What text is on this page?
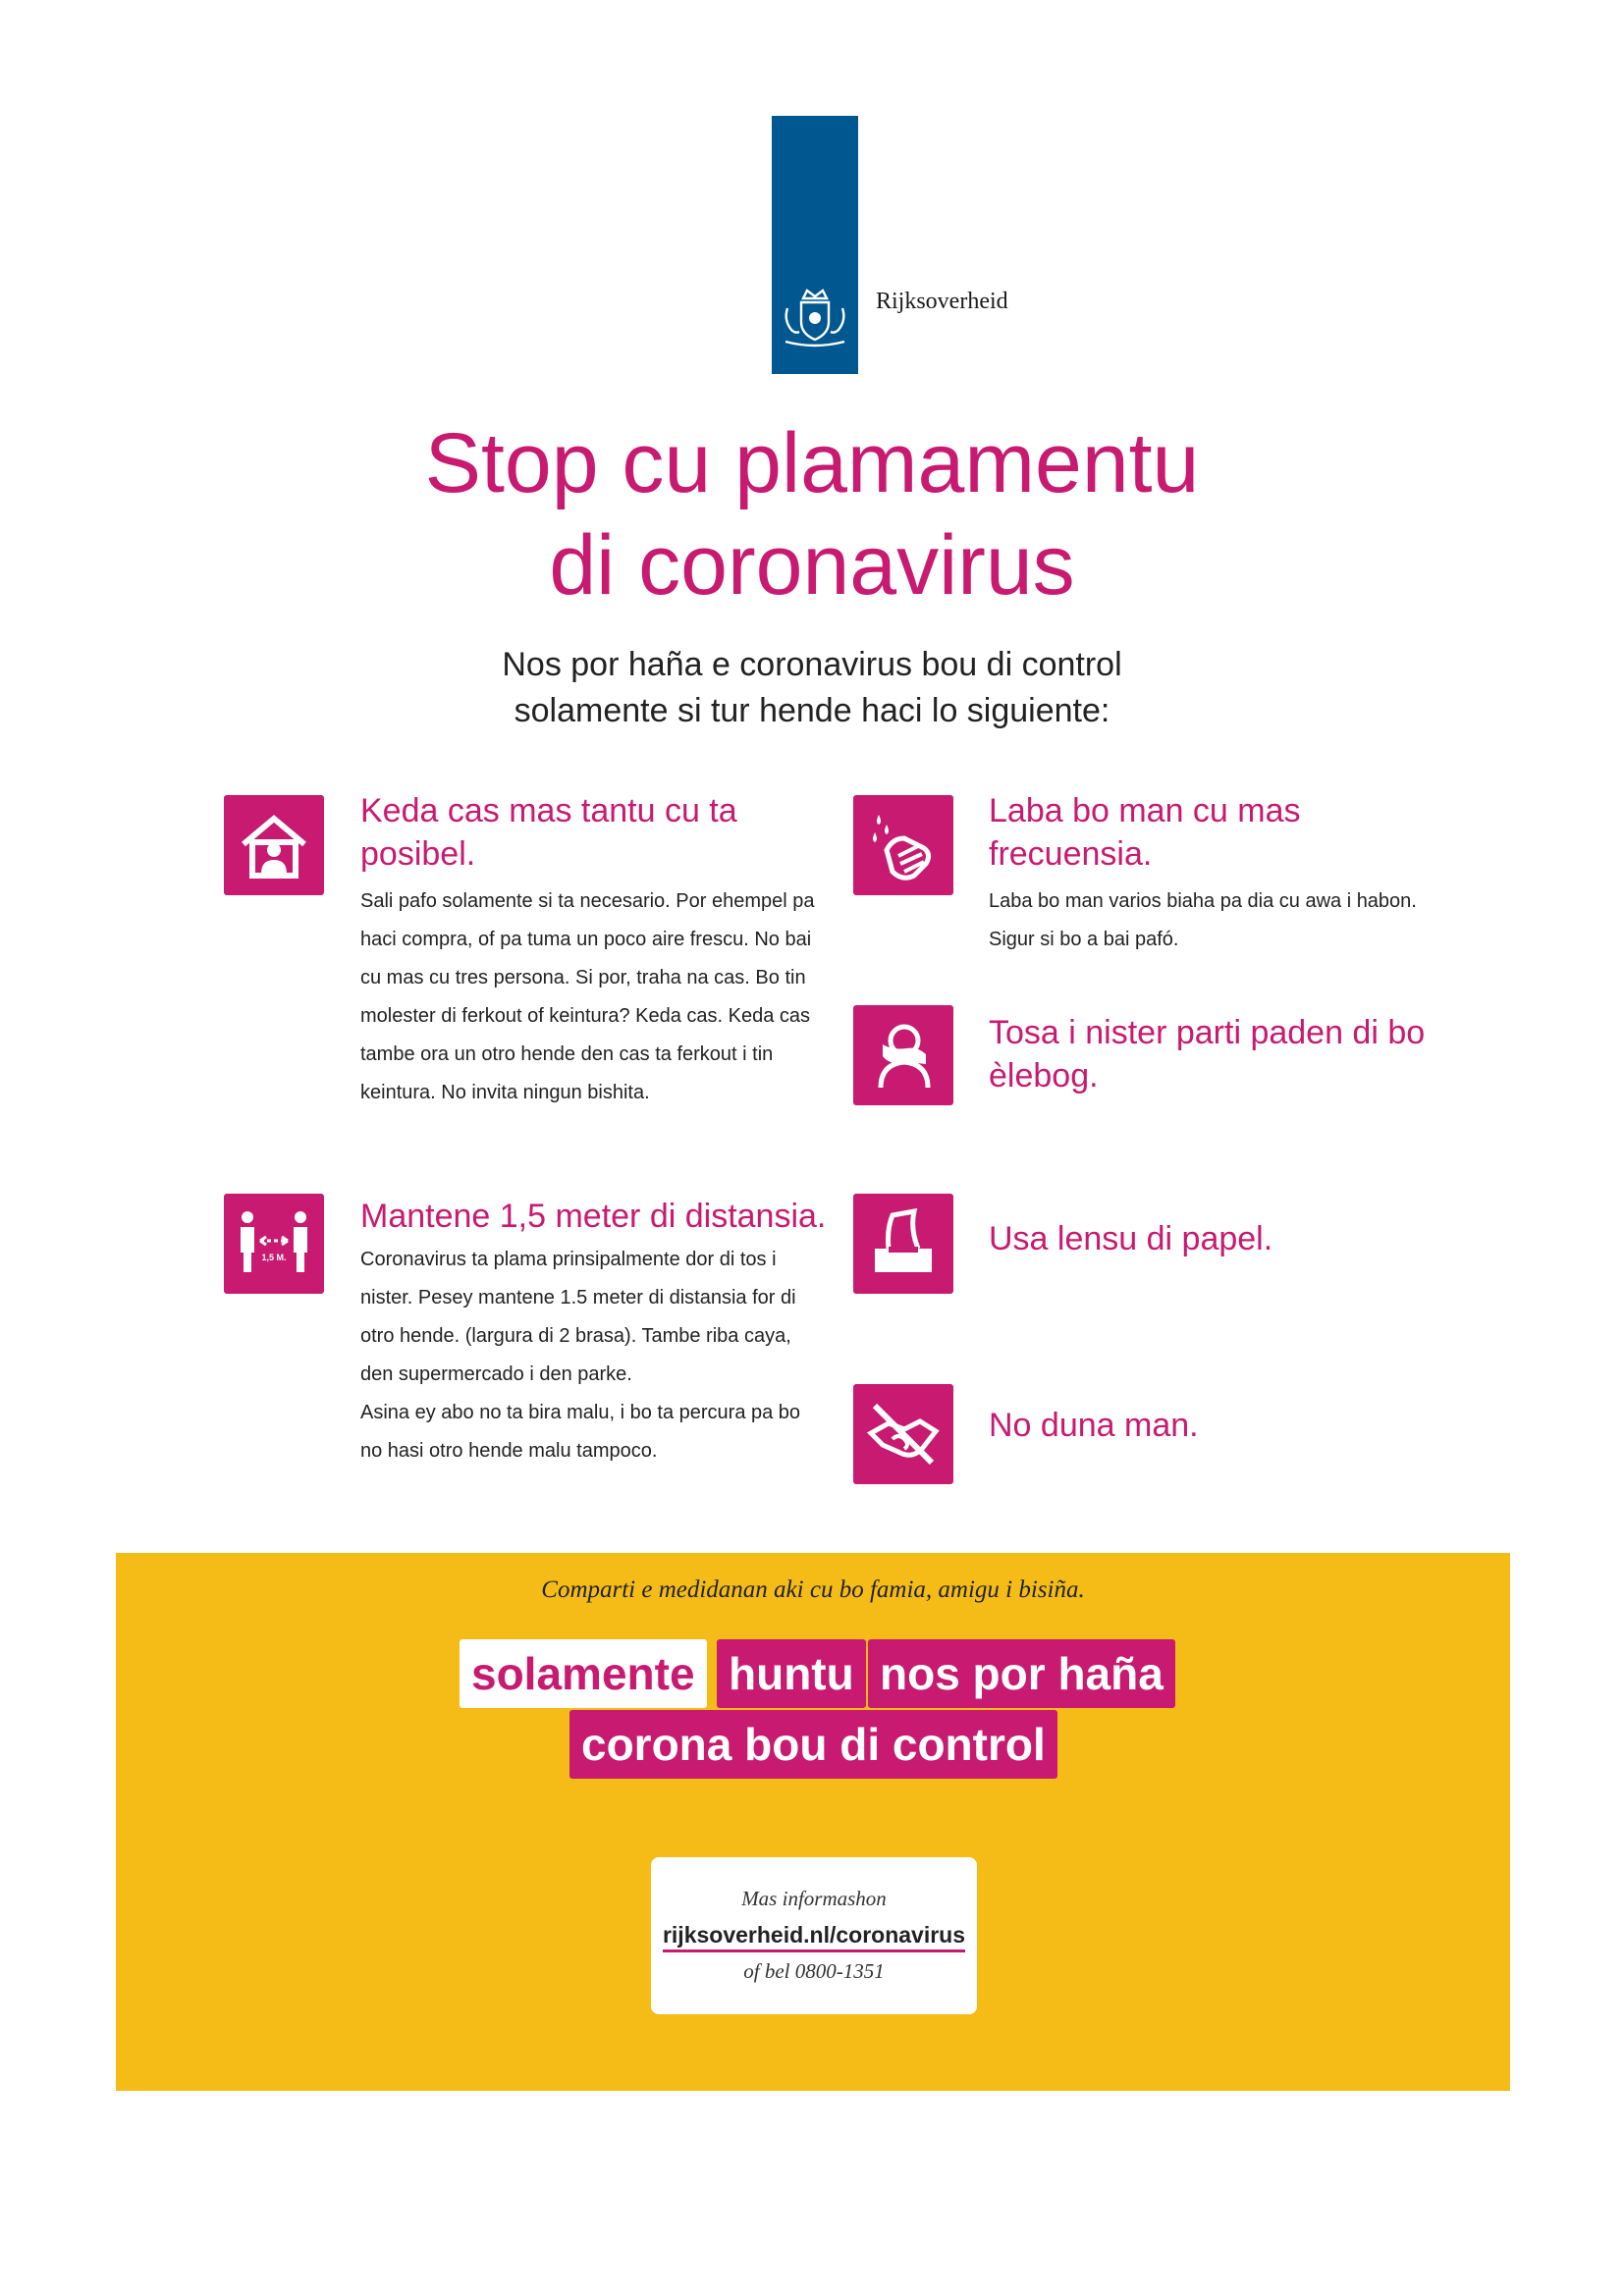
Rijksoverheid
Stop cu plamamentu
di coronavirus
Nos por haña e coronavirus bou di control
solamente si tur hende haci lo siguiente:
Keda cas mas tantu cu ta posibel.
Sali pafo solamente si ta necesario. Por ehempel pa
haci compra, of pa tuma un poco aire frescu. No bai
cu mas cu tres persona. Si por, traha na cas. Bo tin
molester di ferkout of keintura? Keda cas. Keda cas
tambe ora un otro hende den cas ta ferkout i tin
keintura. No invita ningun bishita.
Laba bo man cu mas frecuensia.
Laba bo man varios biaha pa dia cu awa i habon.
Sigur si bo a bai pafó.
Tosa i nister parti paden di bo èlebog.
1,5 M.
Mantene 1,5 meter di distansia.
Coronavirus ta plama prinsipalmente dor di tos i
nister. Pesey mantene 1.5 meter di distansia for di
otro hende. (largura di 2 brasa). Tambe riba caya,
den supermercado i den parke.
Asina ey abo no ta bira malu, i bo ta percura pa bo
no hasi otro hende malu tampoco.
Usa lensu di papel.
No duna man.
Comparti e medidanan aki cu bo famia, amigu i bisiña.
solamente huntu nos por haña
corona bou di control
Mas informashon
rijksoverheid.nl/coronavirus
of bel 0800-1351
